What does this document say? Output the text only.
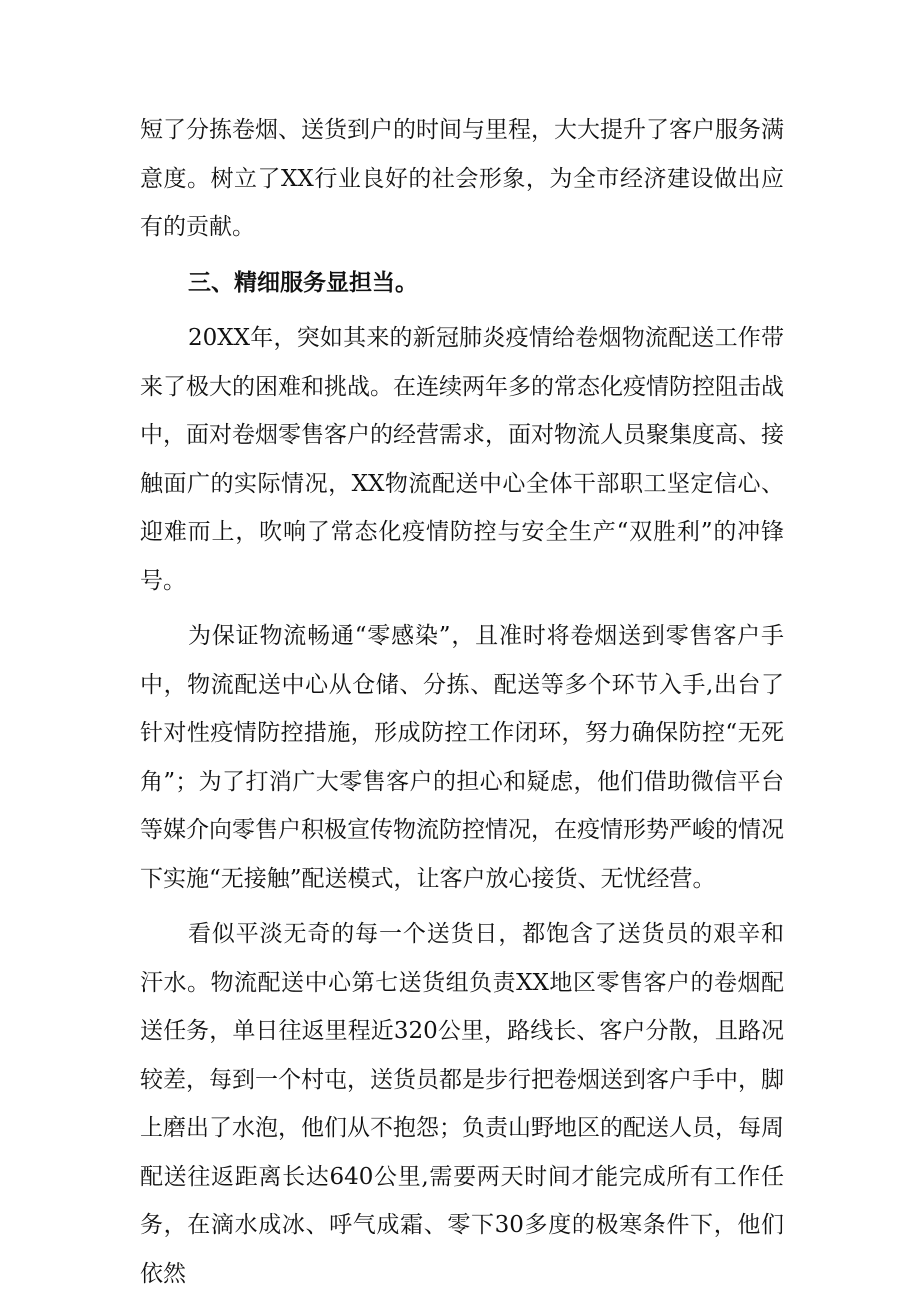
短了分拣卷烟、送货到户的时间与里程，大大提升了客户服务满意度。树立了XX行业良好的社会形象，为全市经济建设做出应有的贡献。

三、精细服务显担当。

20XX年，突如其来的新冠肺炎疫情给卷烟物流配送工作带来了极大的困难和挑战。在连续两年多的常态化疫情防控阻击战中，面对卷烟零售客户的经营需求，面对物流人员聚集度高、接触面广的实际情况，XX物流配送中心全体干部职工坚定信心、迎难而上，吹响了常态化疫情防控与安全生产“双胜利”的冲锋号。

为保证物流畅通“零感染”，且准时将卷烟送到零售客户手中，物流配送中心从仓储、分拣、配送等多个环节入手,出台了针对性疫情防控措施，形成防控工作闭环，努力确保防控“无死角”；为了打消广大零售客户的担心和疑虑，他们借助微信平台等媒介向零售户积极宣传物流防控情况，在疫情形势严峻的情况下实施“无接触”配送模式，让客户放心接货、无忧经营。

看似平淡无奇的每一个送货日，都饱含了送货员的艰辛和汗水。物流配送中心第七送货组负责XX地区零售客户的卷烟配送任务，单日往返里程近320公里，路线长、客户分散，且路况较差，每到一个村屯，送货员都是步行把卷烟送到客户手中，脚上磨出了水泡，他们从不抱怨；负责山野地区的配送人员，每周配送往返距离长达640公里,需要两天时间才能完成所有工作任务，在滴水成冰、呼气成霜、零下30多度的极寒条件下，他们依然
